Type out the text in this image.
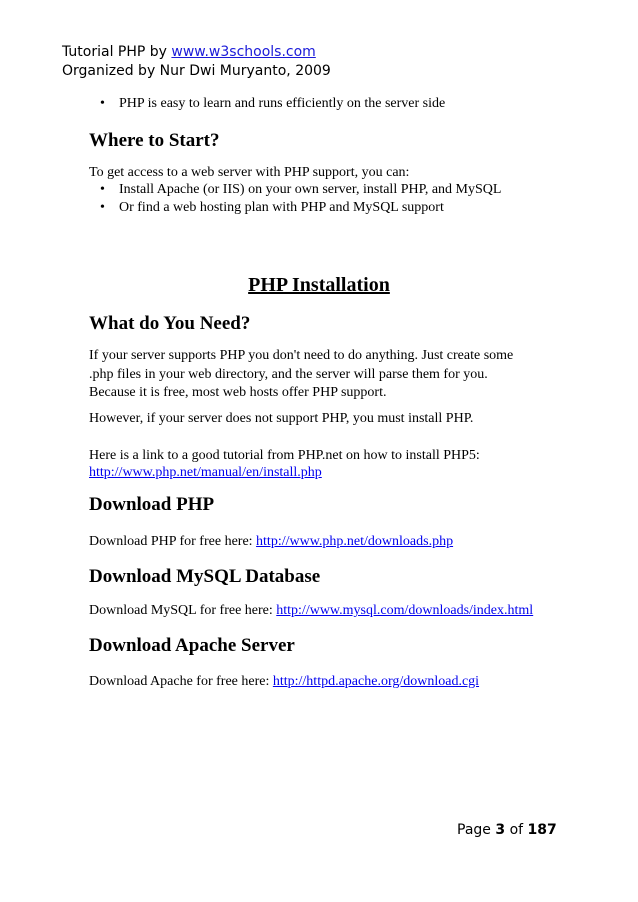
Tutorial PHP by www.w3schools.com
Organized by Nur Dwi Muryanto, 2009
• PHP is easy to learn and runs efficiently on the server side
Where to Start?
To get access to a web server with PHP support, you can:
• Install Apache (or IIS) on your own server, install PHP, and MySQL
• Or find a web hosting plan with PHP and MySQL support
What do You Need?
If your server supports PHP you don't need to do anything. Just create some .php files in your web directory, and the server will parse them for you. Because it is free, most web hosts offer PHP support.
However, if your server does not support PHP, you must install PHP.
Here is a link to a good tutorial from PHP.net on how to install PHP5:
http://www.php.net/manual/en/install.php
Download PHP
Download PHP for free here: http://www.php.net/downloads.php
Download MySQL Database
Download MySQL for free here: http://www.mysql.com/downloads/index.html
Download Apache Server
Download Apache for free here: http://httpd.apache.org/download.cgi
PHP Installation
Page 3 of 187
